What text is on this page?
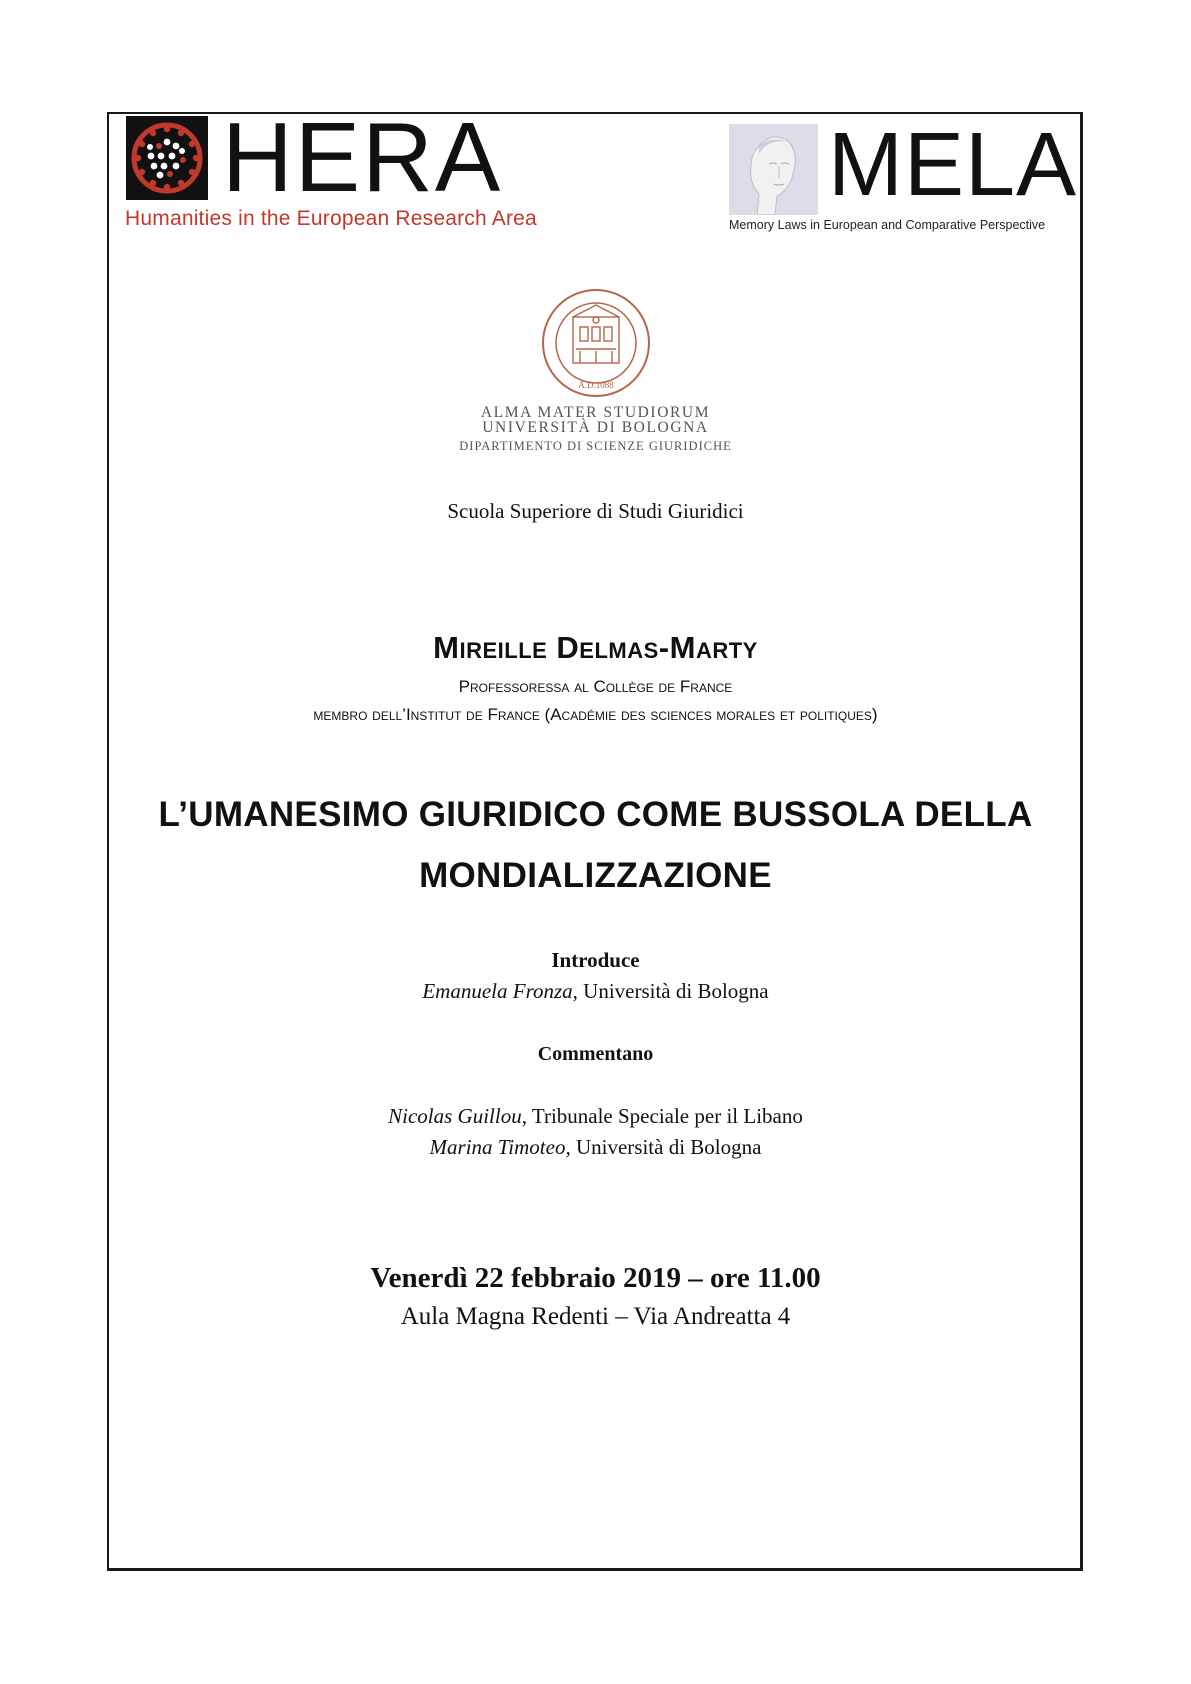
HERA
Humanities in the European Research Area
MELA
Memory Laws in European and Comparative Perspective
A.D.1088
ALMA MATER STUDIORUM
UNIVERSITÀ DI BOLOGNA
DIPARTIMENTO DI SCIENZE GIURIDICHE
Scuola Superiore di Studi Giuridici
Mireille Delmas-Marty
Professoressa al Collège de France
membro dell’Institut de France (Académie des sciences morales et politiques)
L’UMANESIMO GIURIDICO COME BUSSOLA DELLA
MONDIALIZZAZIONE
Introduce
Emanuela Fronza, Università di Bologna
Commentano
Nicolas Guillou, Tribunale Speciale per il Libano
Marina Timoteo, Università di Bologna
Venerdì 22 febbraio 2019 – ore 11.00
Aula Magna Redenti – Via Andreatta 4
